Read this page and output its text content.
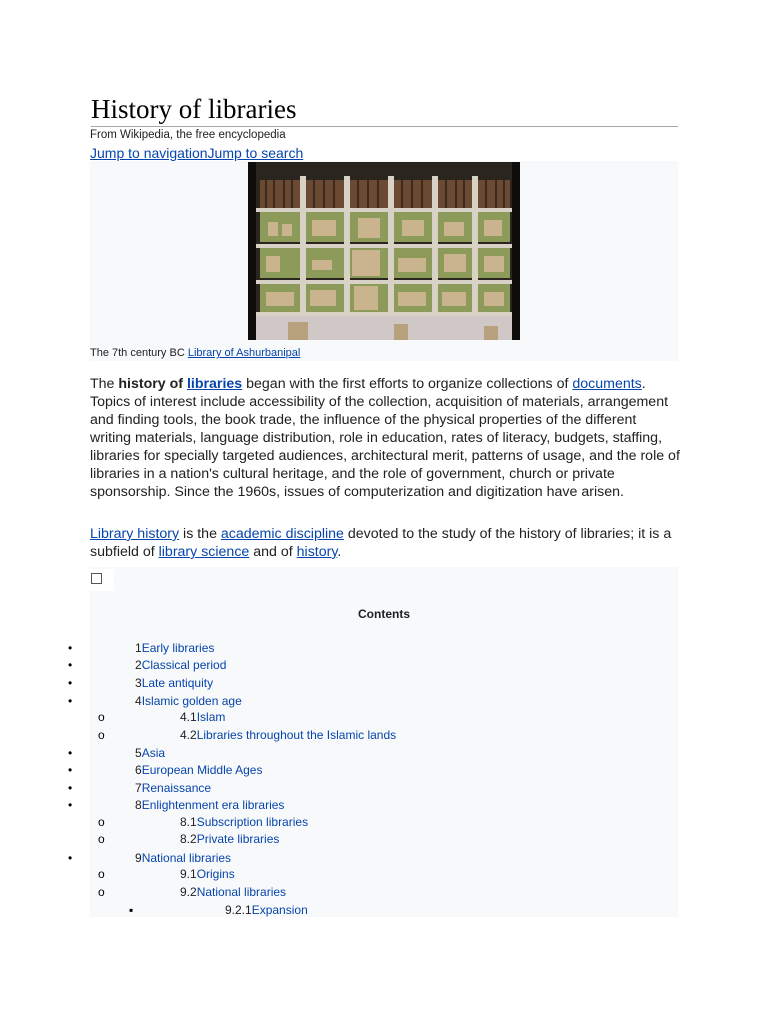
History of libraries
From Wikipedia, the free encyclopedia
Jump to navigationJump to search
The 7th century BC Library of Ashurbanipal

The history of libraries began with the first efforts to organize collections of documents. Topics of interest include accessibility of the collection, acquisition of materials, arrangement and finding tools, the book trade, the influence of the physical properties of the different writing materials, language distribution, role in education, rates of literacy, budgets, staffing, libraries for specially targeted audiences, architectural merit, patterns of usage, and the role of libraries in a nation's cultural heritage, and the role of government, church or private sponsorship. Since the 1960s, issues of computerization and digitization have arisen.

Library history is the academic discipline devoted to the study of the history of libraries; it is a subfield of library science and of history.

Contents
•	1Early libraries
•	2Classical period
•	3Late antiquity
•	4Islamic golden age
o	4.1Islam
o	4.2Libraries throughout the Islamic lands
•	5Asia
•	6European Middle Ages
•	7Renaissance
•	8Enlightenment era libraries
o	8.1Subscription libraries
o	8.2Private libraries
•	9National libraries
o	9.1Origins
o	9.2National libraries
▪	9.2.1Expansion
